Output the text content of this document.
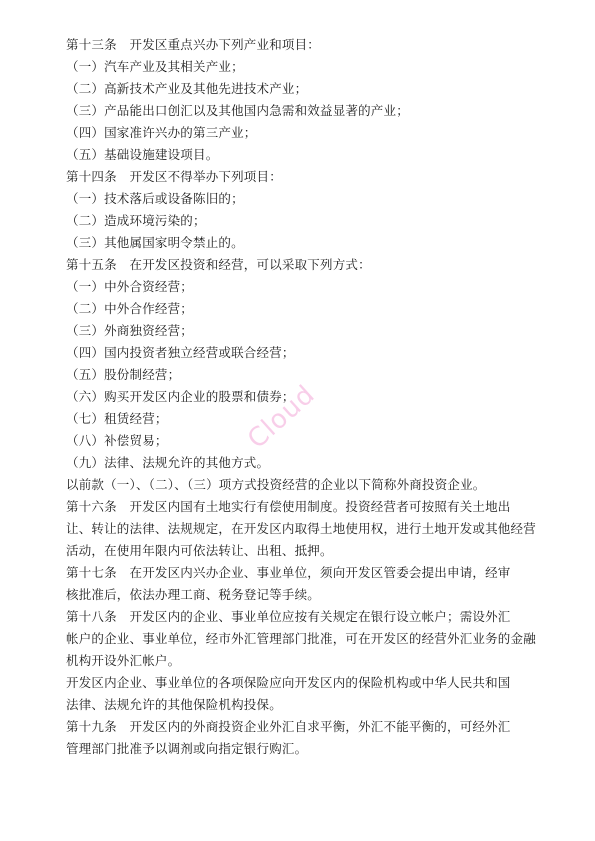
第十三条　开发区重点兴办下列产业和项目：
（一）汽车产业及其相关产业；
（二）高新技术产业及其他先进技术产业；
（三）产品能出口创汇以及其他国内急需和效益显著的产业；
（四）国家准许兴办的第三产业；
（五）基础设施建设项目。
第十四条　开发区不得举办下列项目：
（一）技术落后或设备陈旧的；
（二）造成环境污染的；
（三）其他属国家明令禁止的。
第十五条　在开发区投资和经营，可以采取下列方式：
（一）中外合资经营；
（二）中外合作经营；
（三）外商独资经营；
（四）国内投资者独立经营或联合经营；
（五）股份制经营；
（六）购买开发区内企业的股票和债券；
（七）租赁经营；
（八）补偿贸易；
（九）法律、法规允许的其他方式。
以前款（一）、（二）、（三）项方式投资经营的企业以下简称外商投资企业。
第十六条　开发区内国有土地实行有偿使用制度。投资经营者可按照有关土地出
让、转让的法律、法规规定，在开发区内取得土地使用权，进行土地开发或其他经营
活动，在使用年限内可依法转让、出租、抵押。
第十七条　在开发区内兴办企业、事业单位，须向开发区管委会提出申请，经审
核批准后，依法办理工商、税务登记等手续。
第十八条　开发区内的企业、事业单位应按有关规定在银行设立帐户；需设外汇
帐户的企业、事业单位，经市外汇管理部门批准，可在开发区的经营外汇业务的金融
机构开设外汇帐户。
开发区内企业、事业单位的各项保险应向开发区内的保险机构或中华人民共和国
法律、法规允许的其他保险机构投保。
第十九条　开发区内的外商投资企业外汇自求平衡，外汇不能平衡的，可经外汇
管理部门批准予以调剂或向指定银行购汇。
Cloud
